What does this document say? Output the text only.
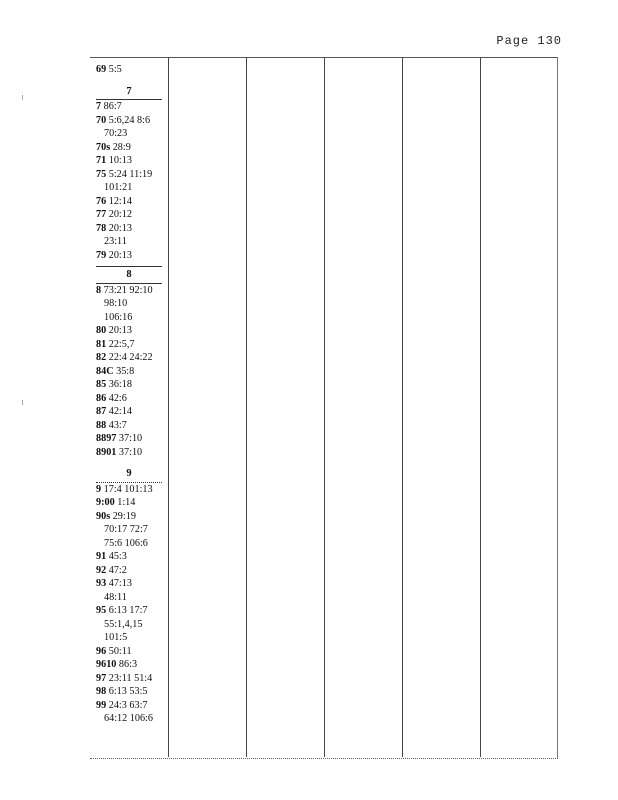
Page 130
69 5:5
7
7 86:7
70 5:6,24 8:6
70:23
70s 28:9
71 10:13
75 5:24 11:19
101:21
76 12:14
77 20:12
78 20:13
23:11
79 20:13
8
8 73:21 92:10
98:10
106:16
80 20:13
81 22:5,7
82 22:4 24:22
84C 35:8
85 36:18
86 42:6
87 42:14
88 43:7
8897 37:10
8901 37:10
9
9 17:4 101:13
9:00 1:14
90s 29:19
70:17 72:7
75:6 106:6
91 45:3
92 47:2
93 47:13
48:11
95 6:13 17:7
55:1,4,15
101:5
96 50:11
9610 86:3
97 23:11 51:4
98 6:13 53:5
99 24:3 63:7
64:12 106:6
